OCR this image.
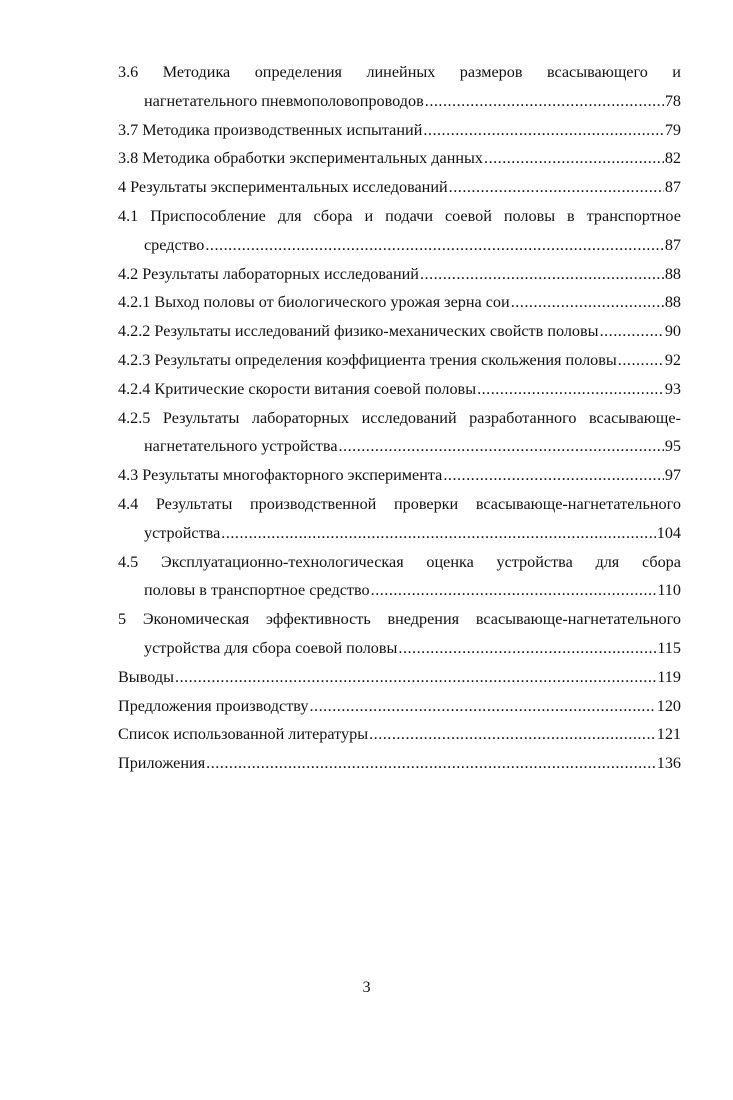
3.6 Методика определения линейных размеров всасывающего и
нагнетательного пневмополовопроводов .....	78
3.7 Методика производственных испытаний .....	79
3.8 Методика обработки экспериментальных данных .....	82
4 Результаты экспериментальных исследований .....	87
4.1 Приспособление для сбора и подачи соевой половы в транспортное
средство .....	87
4.2 Результаты лабораторных исследований .....	88
4.2.1 Выход половы от биологического урожая зерна сои .....	88
4.2.2 Результаты исследований физико-механических свойств половы .....	90
4.2.3 Результаты определения коэффициента трения скольжения половы .....	92
4.2.4 Критические скорости витания соевой половы .....	93
4.2.5 Результаты лабораторных исследований разработанного всасывающе-
нагнетательного устройства .....	95
4.3 Результаты многофакторного эксперимента .....	97
4.4 Результаты производственной проверки всасывающе-нагнетательного
устройства .....	104
4.5 Эксплуатационно-технологическая оценка устройства для сбора
половы в транспортное средство .....	110
5 Экономическая эффективность внедрения всасывающе-нагнетательного
устройства для сбора соевой половы .....	115
Выводы .....	119
Предложения производству .....	120
Список использованной литературы .....	121
Приложения .....	136
3
